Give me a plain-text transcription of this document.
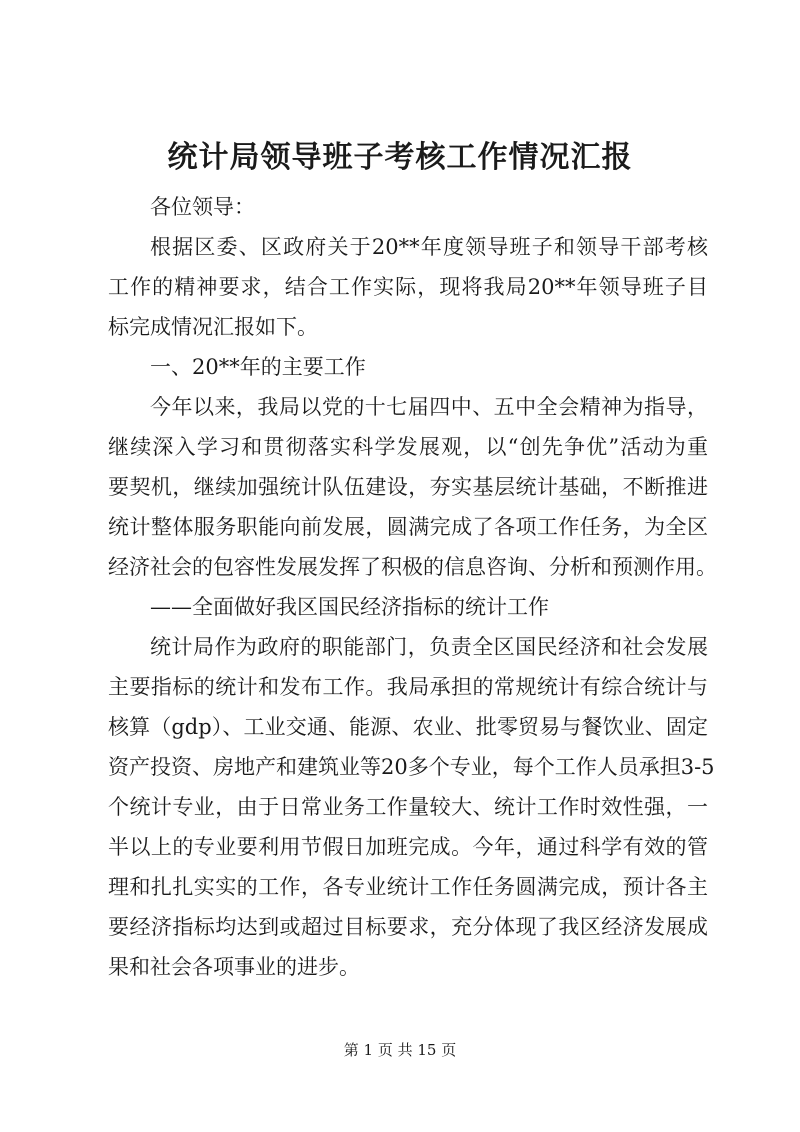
统计局领导班子考核工作情况汇报

各位领导：

根据区委、区政府关于20**年度领导班子和领导干部考核

工作的精神要求，结合工作实际，现将我局20**年领导班子目

标完成情况汇报如下。

一、20**年的主要工作

今年以来，我局以党的十七届四中、五中全会精神为指导，

继续深入学习和贯彻落实科学发展观，以“创先争优”活动为重

要契机，继续加强统计队伍建设，夯实基层统计基础，不断推进

统计整体服务职能向前发展，圆满完成了各项工作任务，为全区

经济社会的包容性发展发挥了积极的信息咨询、分析和预测作用。

——全面做好我区国民经济指标的统计工作

统计局作为政府的职能部门，负责全区国民经济和社会发展

主要指标的统计和发布工作。我局承担的常规统计有综合统计与

核算（gdp）、工业交通、能源、农业、批零贸易与餐饮业、固定

资产投资、房地产和建筑业等20多个专业，每个工作人员承担3-5

个统计专业，由于日常业务工作量较大、统计工作时效性强，一

半以上的专业要利用节假日加班完成。今年，通过科学有效的管

理和扎扎实实的工作，各专业统计工作任务圆满完成，预计各主

要经济指标均达到或超过目标要求，充分体现了我区经济发展成

果和社会各项事业的进步。

第 1 页 共 15 页
